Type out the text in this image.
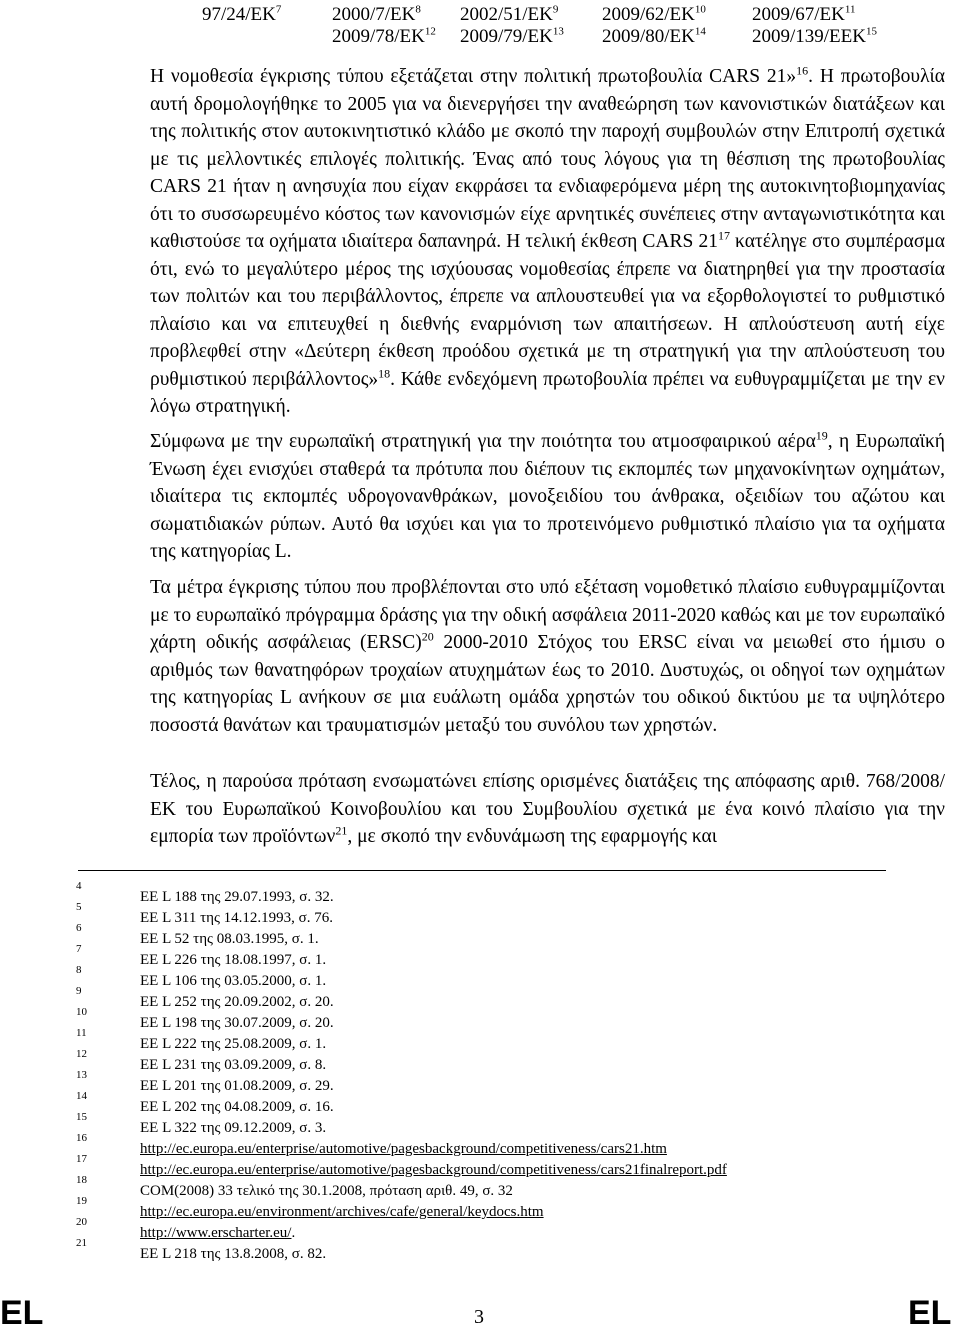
$97/24/EK^7$	$2000/7/EK^8$ $2002/51/EK^9$ 2009/62/ΕΚ$^{10}$ 2009/67/ΕΚ$^{11}$
2009/78/ΕΚ$^{12}$ 2009/79/ΕΚ$^{13}$ 2009/80/ΕΚ$^{14}$ 2009/139/ΕΕΚ$^{15}$

Η νομοθεσία έγκρισης τύπου εξετάζεται στην πολιτική πρωτοβουλία CARS 21»$^{16}$. Η πρωτοβουλία αυτή δρομολογήθηκε το 2005 για να διενεργήσει την αναθεώρηση των κανονιστικών διατάξεων και της πολιτικής στον αυτοκινητιστικό κλάδο με σκοπό την παροχή συμβουλών στην Επιτροπή σχετικά με τις μελλοντικές επιλογές πολιτικής. Ένας από τους λόγους για τη θέσπιση της πρωτοβουλίας CARS 21 ήταν η ανησυχία που είχαν εκφράσει τα ενδιαφερόμενα μέρη της αυτοκινητοβιομηχανίας ότι το συσσωρευμένο κόστος των κανονισμών είχε αρνητικές συνέπειες στην ανταγωνιστικότητα και καθιστούσε τα οχήματα ιδιαίτερα δαπανηρά. Η τελική έκθεση CARS $21^{17}$ κατέληγε στο συμπέρασμα ότι, ενώ το μεγαλύτερο μέρος της ισχύουσας νομοθεσίας έπρεπε να διατηρηθεί για την προστασία των πολιτών και του περιβάλλοντος, έπρεπε να απλουστευθεί για να εξορθολογιστεί το ρυθμιστικό πλαίσιο και να επιτευχθεί η διεθνής εναρμόνιση των απαιτήσεων. Η απλούστευση αυτή είχε προβλεφθεί στην «Δεύτερη έκθεση προόδου σχετικά με τη στρατηγική για την απλούστευση του ρυθμιστικού περιβάλλοντος»$^{18}$. Κάθε ενδεχόμενη πρωτοβουλία πρέπει να ευθυγραμμίζεται με την εν λόγω στρατηγική.

Σύμφωνα με την ευρωπαϊκή στρατηγική για την ποιότητα του ατμοσφαιρικού αέρα$^{19}$, η Ευρωπαϊκή Ένωση έχει ενισχύει σταθερά τα πρότυπα που διέπουν τις εκπομπές των μηχανοκίνητων οχημάτων, ιδιαίτερα τις εκπομπές υδρογονανθράκων, μονοξειδίου του άνθρακα, οξειδίων του αζώτου και σωματιδιακών ρύπων. Αυτό θα ισχύει και για το προτεινόμενο ρυθμιστικό πλαίσιο για τα οχήματα της κατηγορίας L.

Τα μέτρα έγκρισης τύπου που προβλέπονται στο υπό εξέταση νομοθετικό πλαίσιο ευθυγραμμίζονται με το ευρωπαϊκό πρόγραμμα δράσης για την οδική ασφάλεια 2011-2020 καθώς και με τον ευρωπαϊκό χάρτη οδικής ασφάλειας (ERSC)$^{20}$ 2000-2010 Στόχος του ERSC είναι να μειωθεί στο ήμισυ ο αριθμός των θανατηφόρων τροχαίων ατυχημάτων έως το 2010. Δυστυχώς, οι οδηγοί των οχημάτων της κατηγορίας L ανήκουν σε μια ευάλωτη ομάδα χρηστών του οδικού δικτύου με τα υψηλότερο ποσοστά θανάτων και τραυματισμών μεταξύ του συνόλου των χρηστών.

Τέλος, η παρούσα πρόταση ενσωματώνει επίσης ορισμένες διατάξεις της απόφασης αριθ. 768/2008/ΕΚ του Ευρωπαϊκού Κοινοβουλίου και του Συμβουλίου σχετικά με ένα κοινό πλαίσιο για την εμπορία των προϊόντων$^{21}$, με σκοπό την ενδυνάμωση της εφαρμογής και

4
ΕΕ L 188 της 29.07.1993, σ. 32.
5
ΕΕ L 311 της 14.12.1993, σ. 76.
6
ΕΕ L 52 της 08.03.1995, σ. 1.
7
ΕΕ L 226 της 18.08.1997, σ. 1.
8
ΕΕ L 106 της 03.05.2000, σ. 1.
9
ΕΕ L 252 της 20.09.2002, σ. 20.
10
ΕΕ L 198 της 30.07.2009, σ. 20.
11
ΕΕ L 222 της 25.08.2009, σ. 1.
12
ΕΕ L 231 της 03.09.2009, σ. 8.
13
ΕΕ L 201 της 01.08.2009, σ. 29.
14
ΕΕ L 202 της 04.08.2009, σ. 16.
15
ΕΕ L 322 της 09.12.2009, σ. 3.
16
http://ec.europa.eu/enterprise/automotive/pagesbackground/competitiveness/cars21.htm
17
http://ec.europa.eu/enterprise/automotive/pagesbackground/competitiveness/cars21finalreport.pdf
18
COM(2008) 33 τελικό της 30.1.2008, πρόταση αριθ. 49, σ. 32
19
http://ec.europa.eu/environment/archives/cafe/general/keydocs.htm
20
http://www.erscharter.eu/.
21
ΕΕ L 218 της 13.8.2008, σ. 82.
EL	3	EL
